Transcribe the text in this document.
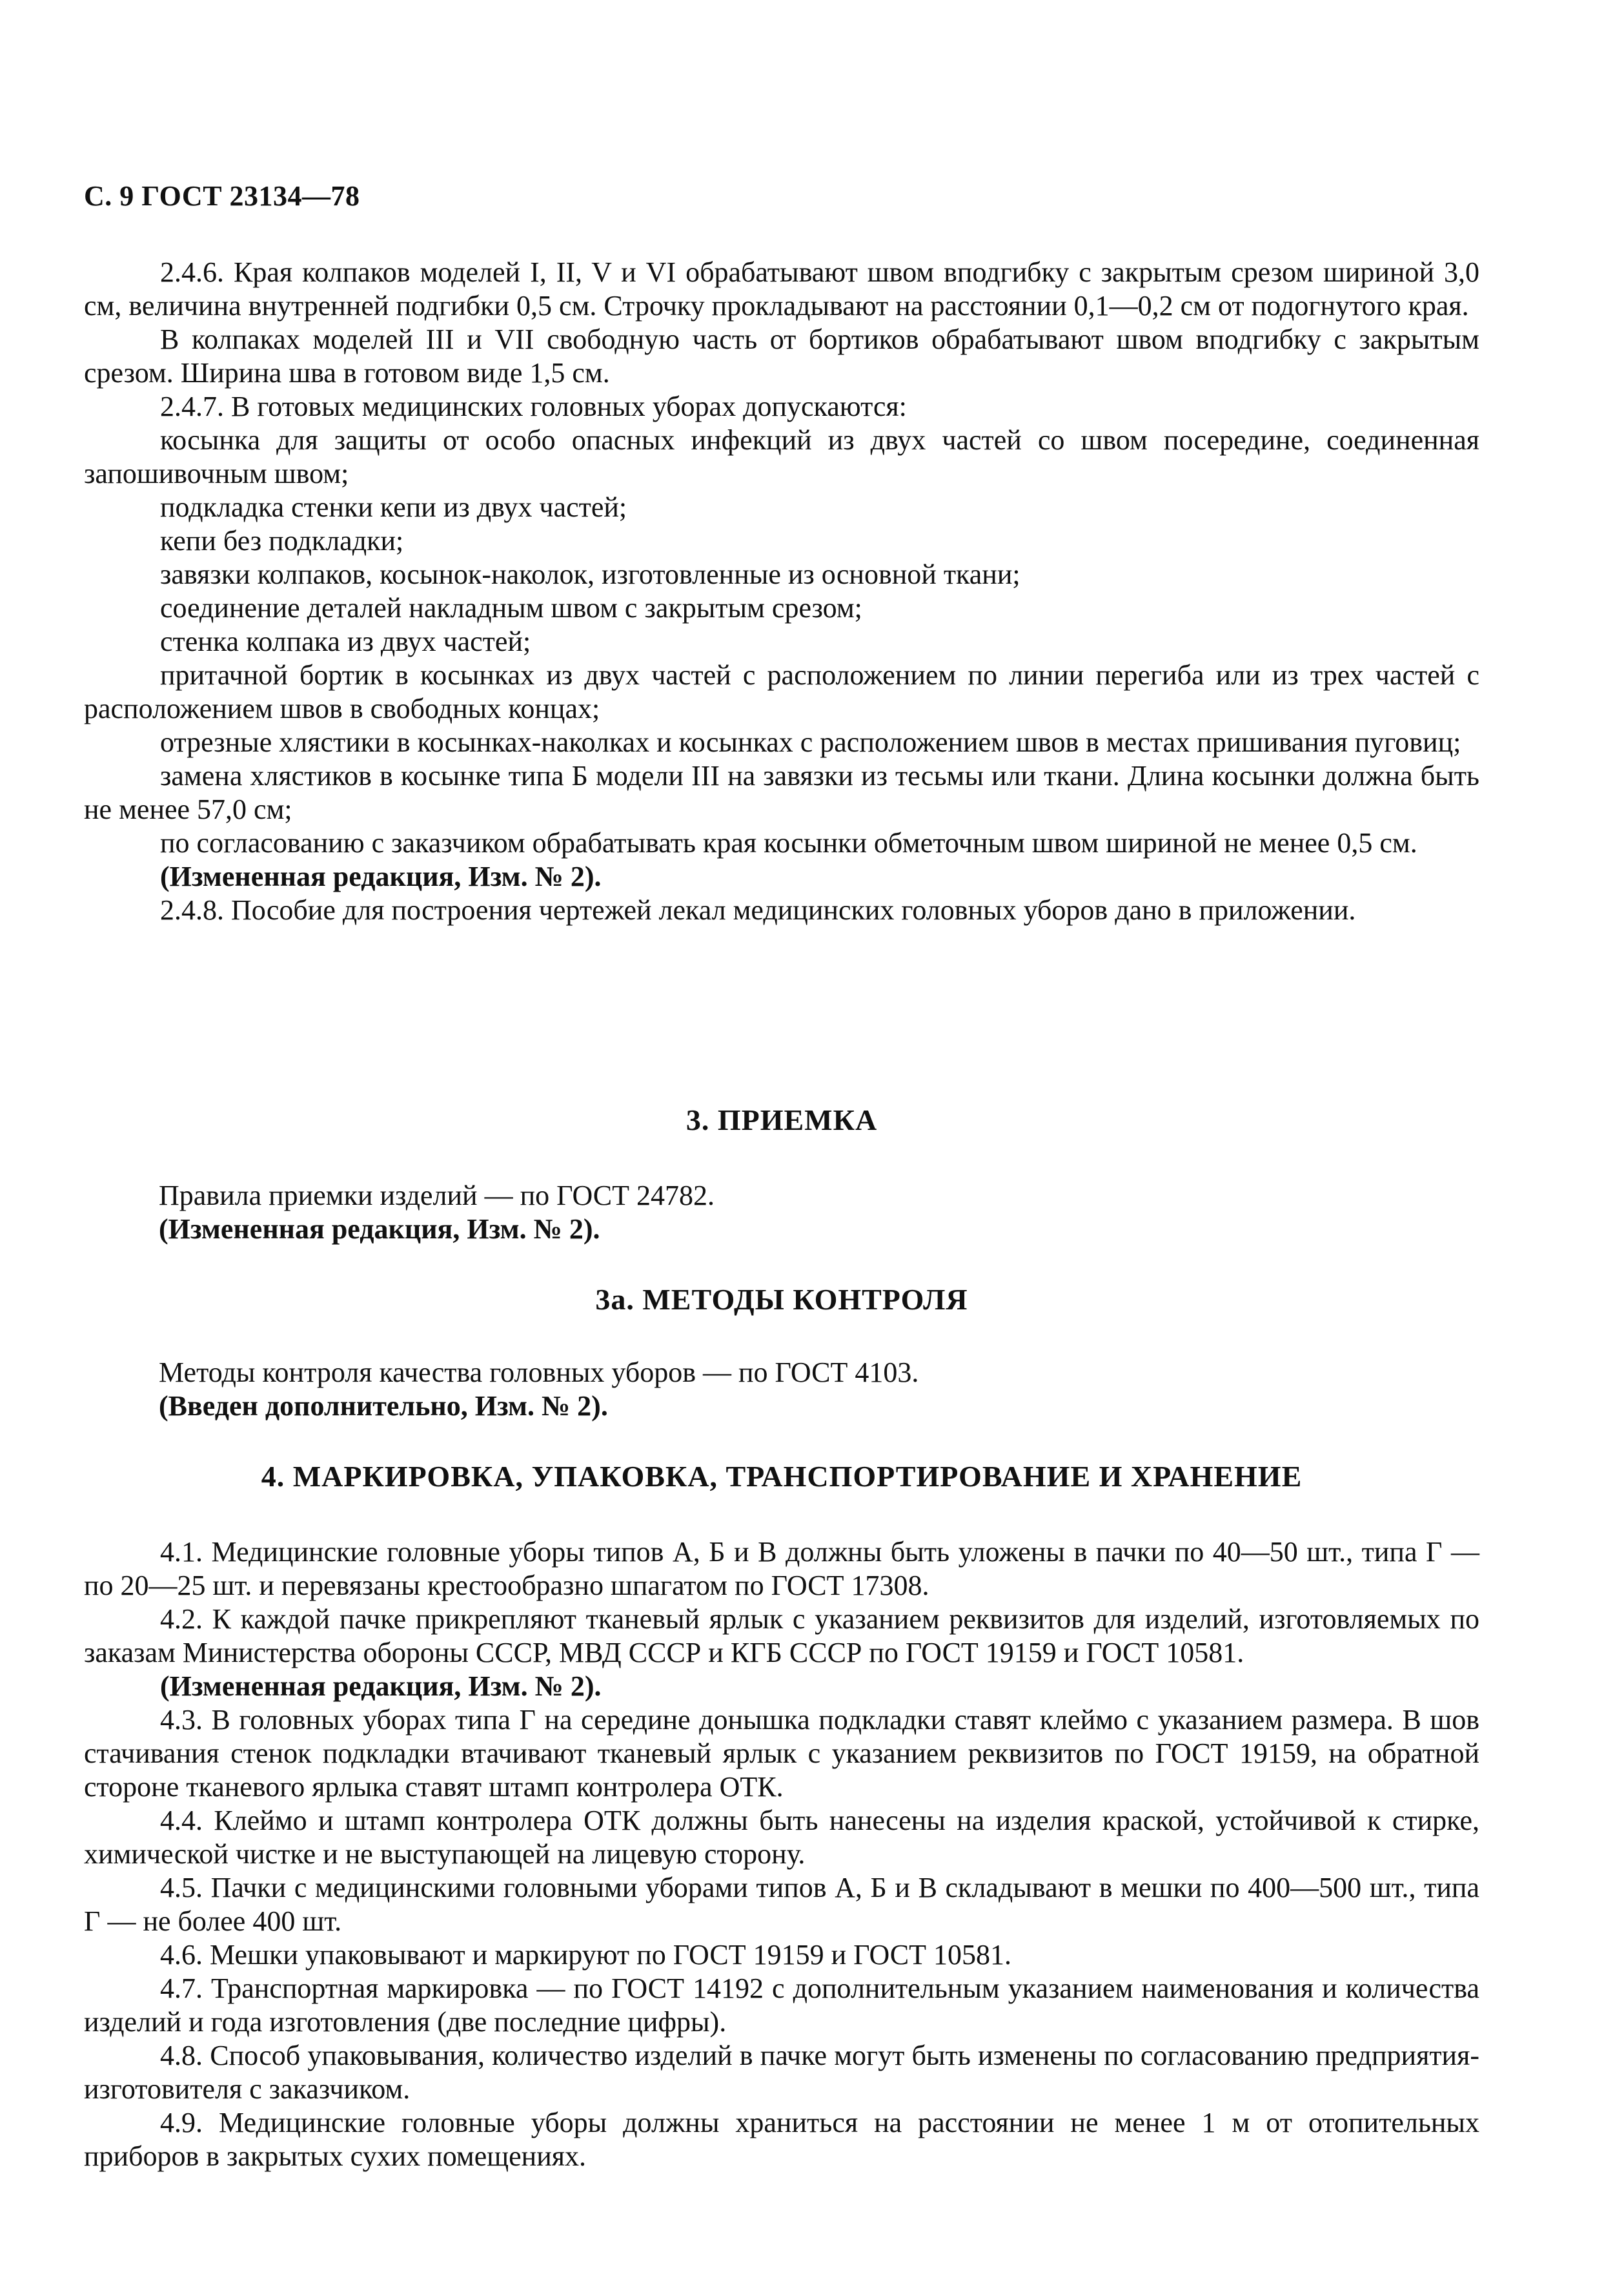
С. 9 ГОСТ 23134—78

2.4.6. Края колпаков моделей I, II, V и VI обрабатывают швом вподгибку с закрытым срезом шириной 3,0 см, величина внутренней подгибки 0,5 см. Строчку прокладывают на расстоянии 0,1—0,2 см от подогнутого края.

В колпаках моделей III и VII свободную часть от бортиков обрабатывают швом вподгибку с закрытым срезом. Ширина шва в готовом виде 1,5 см.

2.4.7. В готовых медицинских головных уборах допускаются:

косынка для защиты от особо опасных инфекций из двух частей со швом посередине, соединенная запошивочным швом;

подкладка стенки кепи из двух частей;

кепи без подкладки;

завязки колпаков, косынок-наколок, изготовленные из основной ткани;

соединение деталей накладным швом с закрытым срезом;

стенка колпака из двух частей;

притачной бортик в косынках из двух частей с расположением по линии перегиба или из трех частей с расположением швов в свободных концах;

отрезные хлястики в косынках-наколках и косынках с расположением швов в местах пришивания пуговиц;

замена хлястиков в косынке типа Б модели III на завязки из тесьмы или ткани. Длина косынки должна быть не менее 57,0 см;

по согласованию с заказчиком обрабатывать края косынки обметочным швом шириной не менее 0,5 см.

(Измененная редакция, Изм. № 2).

2.4.8. Пособие для построения чертежей лекал медицинских головных уборов дано в приложении.

3. ПРИЕМКА

Правила приемки изделий — по ГОСТ 24782.

(Измененная редакция, Изм. № 2).

3а. МЕТОДЫ КОНТРОЛЯ

Методы контроля качества головных уборов — по ГОСТ 4103.

(Введен дополнительно, Изм. № 2).

4. МАРКИРОВКА, УПАКОВКА, ТРАНСПОРТИРОВАНИЕ И ХРАНЕНИЕ

4.1. Медицинские головные уборы типов А, Б и В должны быть уложены в пачки по 40—50 шт., типа Г — по 20—25 шт. и перевязаны крестообразно шпагатом по ГОСТ 17308.

4.2. К каждой пачке прикрепляют тканевый ярлык с указанием реквизитов для изделий, изготовляемых по заказам Министерства обороны СССР, МВД СССР и КГБ СССР по ГОСТ 19159 и ГОСТ 10581.

(Измененная редакция, Изм. № 2).

4.3. В головных уборах типа Г на середине донышка подкладки ставят клеймо с указанием размера. В шов стачивания стенок подкладки втачивают тканевый ярлык с указанием реквизитов по ГОСТ 19159, на обратной стороне тканевого ярлыка ставят штамп контролера ОТК.

4.4. Клеймо и штамп контролера ОТК должны быть нанесены на изделия краской, устойчивой к стирке, химической чистке и не выступающей на лицевую сторону.

4.5. Пачки с медицинскими головными уборами типов А, Б и В складывают в мешки по 400—500 шт., типа Г — не более 400 шт.

4.6. Мешки упаковывают и маркируют по ГОСТ 19159 и ГОСТ 10581.

4.7. Транспортная маркировка — по ГОСТ 14192 с дополнительным указанием наименования и количества изделий и года изготовления (две последние цифры).

4.8. Способ упаковывания, количество изделий в пачке могут быть изменены по согласованию предприятия-изготовителя с заказчиком.

4.9. Медицинские головные уборы должны храниться на расстоянии не менее 1 м от отопительных приборов в закрытых сухих помещениях.
